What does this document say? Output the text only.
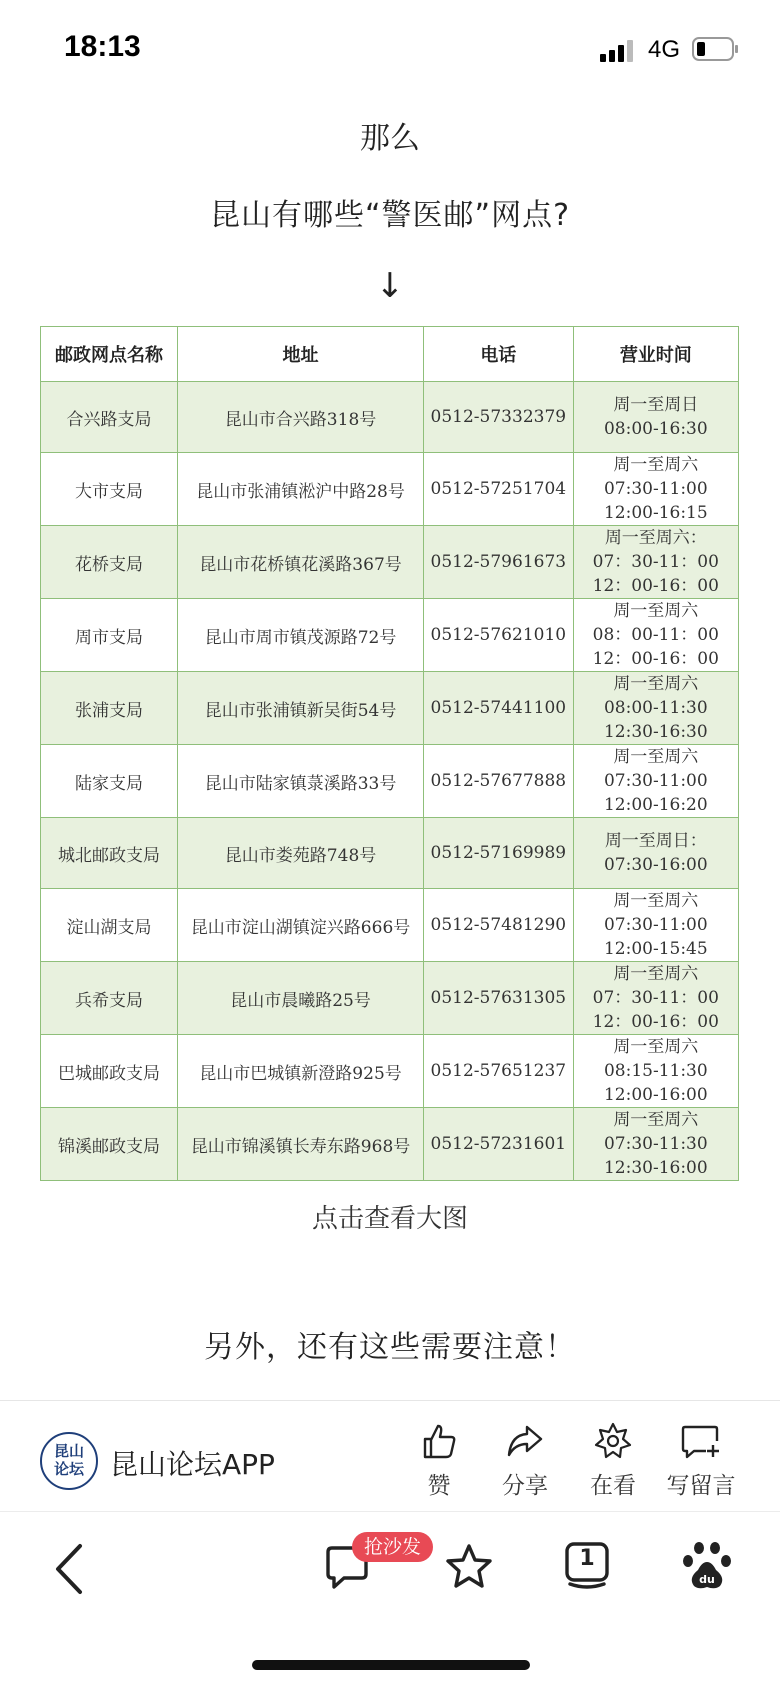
18:13	4G
那么
昆山有哪些“警医邮”网点?
↓
邮政网点名称	地址	电话	营业时间
合兴路支局	昆山市合兴路318号	0512-57332379	周一至周日
08:00-16:30

大市支局	昆山市张浦镇淞沪中路28号	0512-57251704	周一至周六
07:30-11:00
12:00-16:15

花桥支局	昆山市花桥镇花溪路367号	0512-57961673	周一至周六：
07：30-11：00
12：00-16：00

周市支局	昆山市周市镇茂源路72号	0512-57621010	周一至周六
08：00-11：00
12：00-16：00

张浦支局	昆山市张浦镇新吴街54号	0512-57441100	周一至周六
08:00-11:30
12:30-16:30

陆家支局	昆山市陆家镇菉溪路33号	0512-57677888	周一至周六
07:30-11:00
12:00-16:20

城北邮政支局	昆山市娄苑路748号	0512-57169989	周一至周日：
07:30-16:00

淀山湖支局	昆山市淀山湖镇淀兴路666号	0512-57481290	周一至周六
07:30-11:00
12:00-15:45

兵希支局	昆山市晨曦路25号	0512-57631305	周一至周六
07：30-11：00
12：00-16：00

巴城邮政支局	昆山市巴城镇新澄路925号	0512-57651237	周一至周六
08:15-11:30
12:00-16:00

锦溪邮政支局	昆山市锦溪镇长寿东路968号	0512-57231601	周一至周六
07:30-11:30
12:30-16:00
点击查看大图
另外，还有这些需要注意！
昆山
论坛 昆山论坛APP
赞	分享	在看	写留言
抢沙发	1
du
